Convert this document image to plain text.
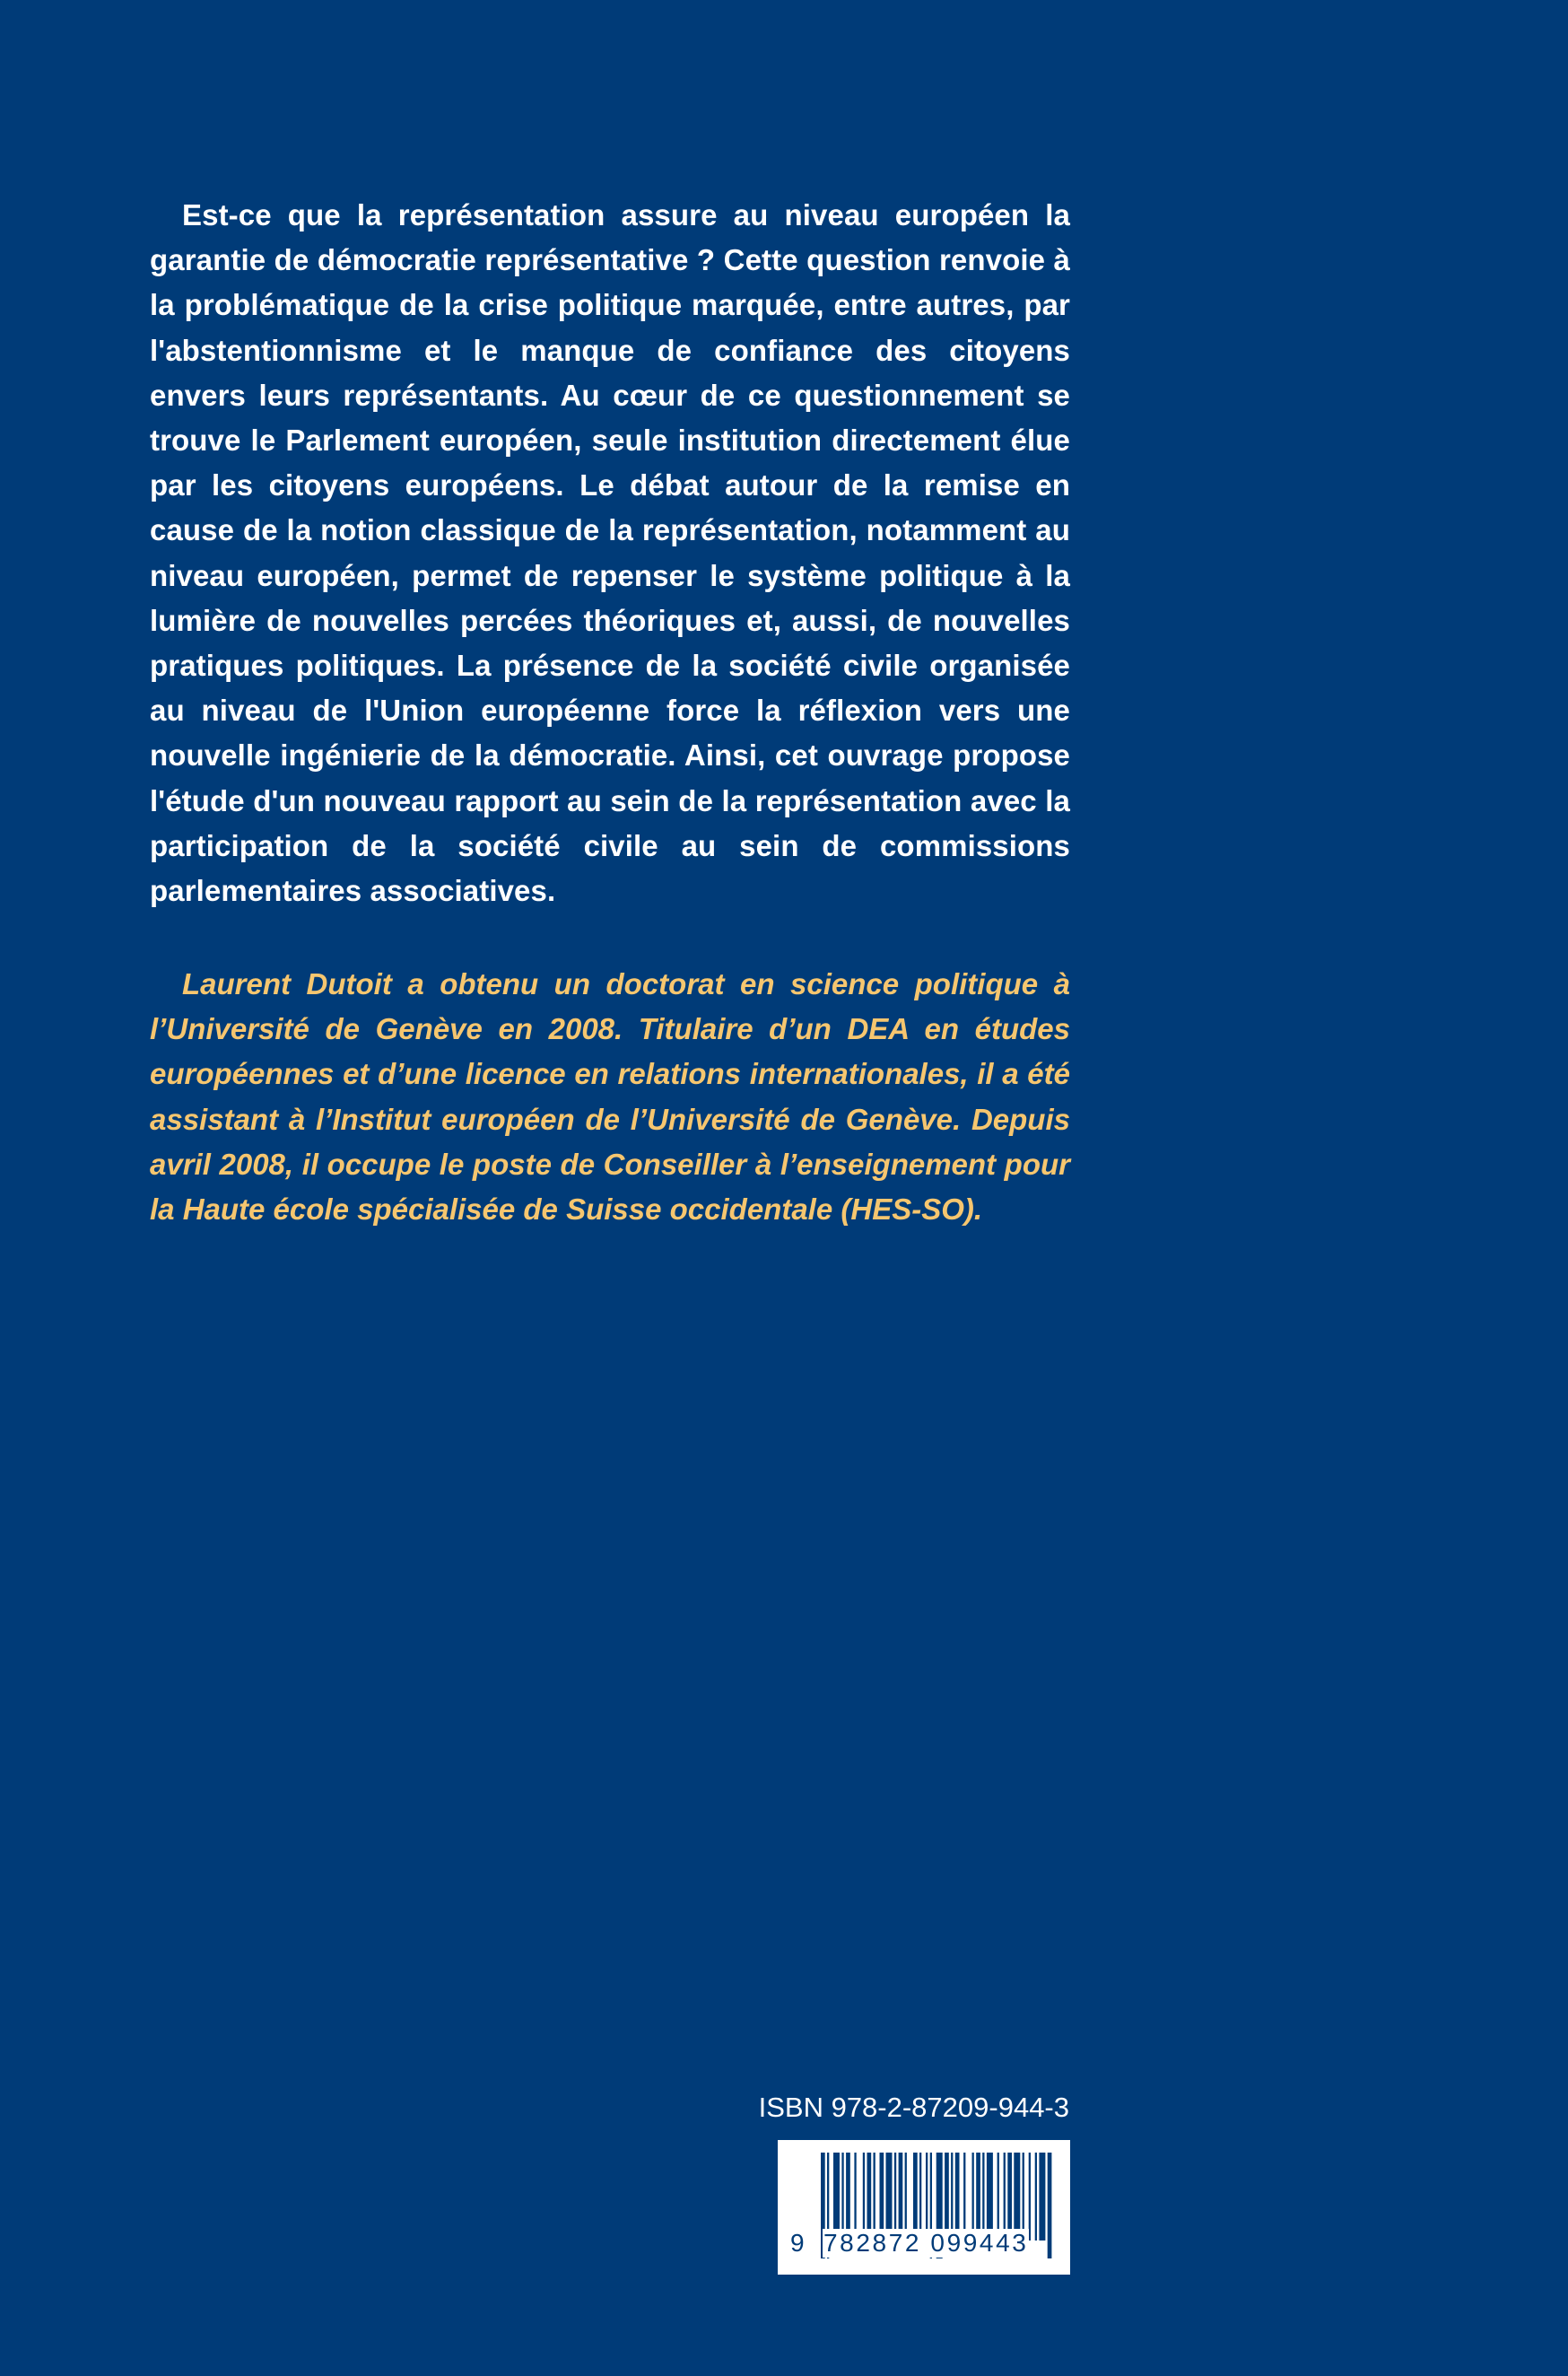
Est-ce que la représentation assure au niveau européen la garantie de démocratie représentative ? Cette question renvoie à la problématique de la crise politique marquée, entre autres, par l'abstentionnisme et le manque de confiance des citoyens envers leurs représentants. Au cœur de ce questionnement se trouve le Parlement européen, seule institution directement élue par les citoyens européens. Le débat autour de la remise en cause de la notion classique de la représentation, notamment au niveau européen, permet de repenser le système politique à la lumière de nouvelles percées théoriques et, aussi, de nouvelles pratiques politiques. La présence de la société civile organisée au niveau de l'Union européenne force la réflexion vers une nouvelle ingénierie de la démocratie. Ainsi, cet ouvrage propose l'étude d'un nouveau rapport au sein de la représentation avec la participation de la société civile au sein de commissions parlementaires associatives.

Laurent Dutoit a obtenu un doctorat en science politique à l’Université de Genève en 2008. Titulaire d’un DEA en études européennes et d’une licence en relations internationales, il a été assistant à l’Institut européen de l’Université de Genève. Depuis avril 2008, il occupe le poste de Conseiller à l’enseignement pour la Haute école spécialisée de Suisse occidentale (HES-SO).

ISBN 978-2-87209-944-3
9 782872 099443
